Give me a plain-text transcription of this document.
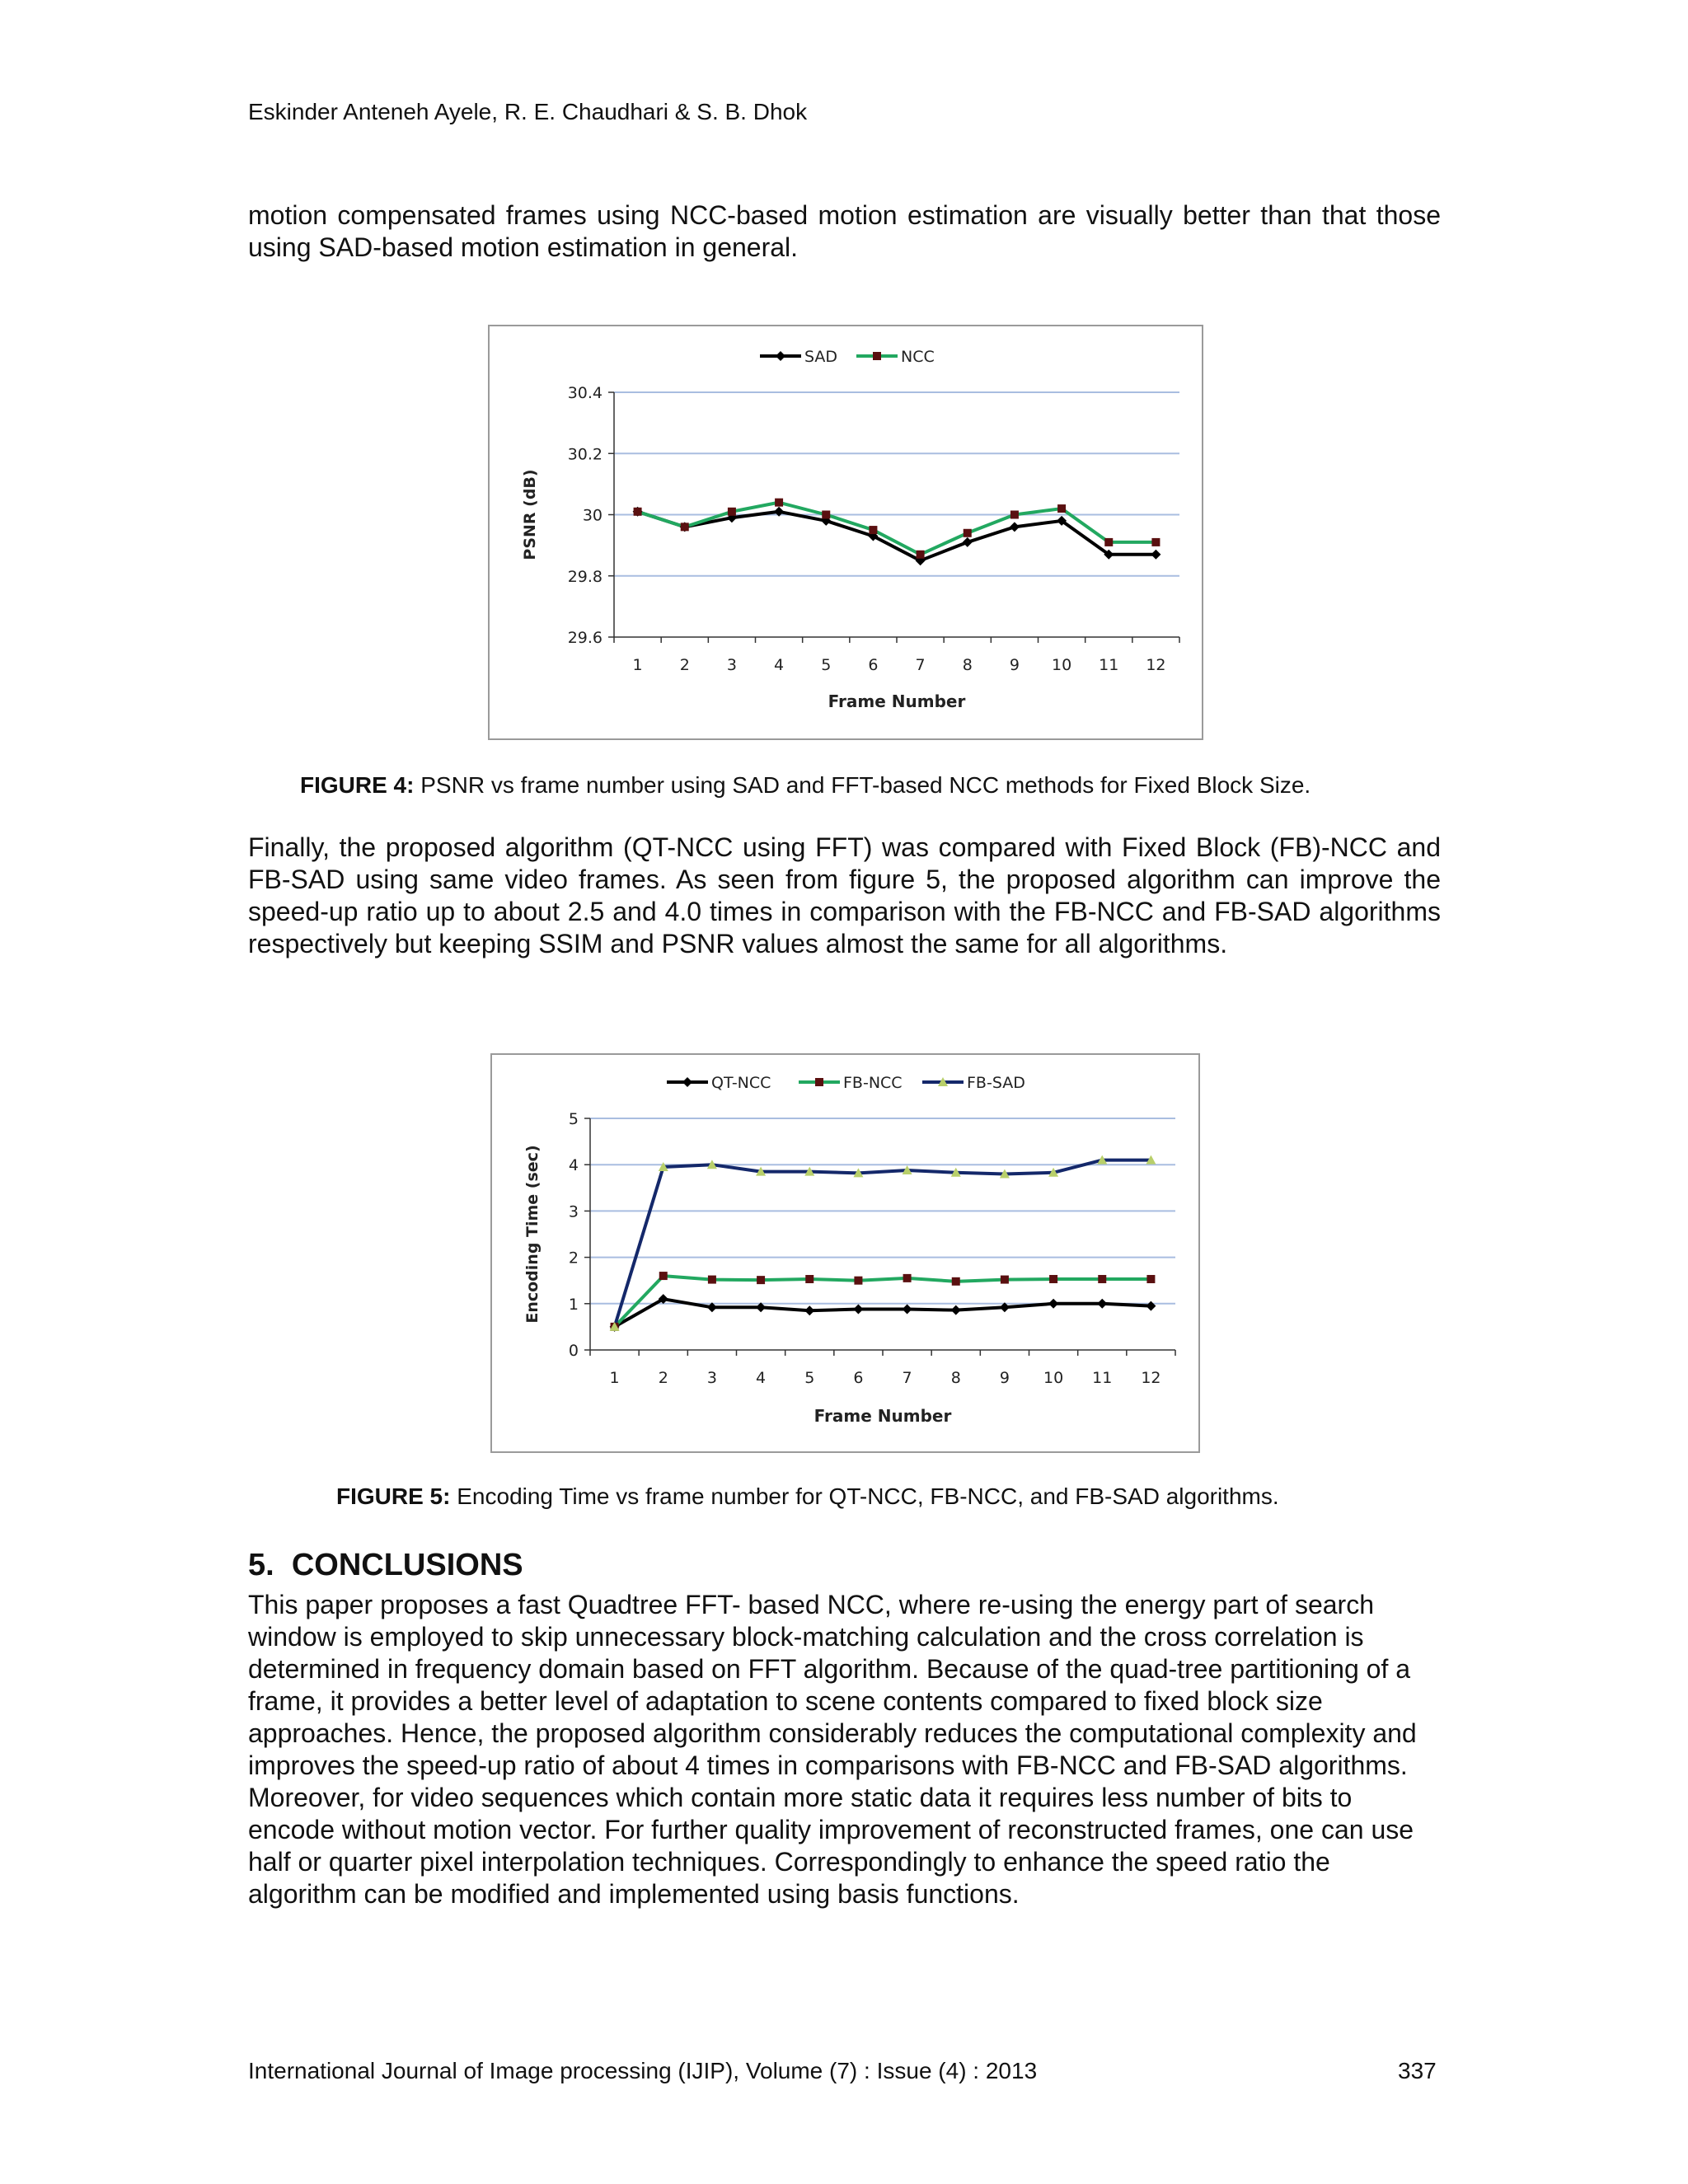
Eskinder Anteneh Ayele, R. E. Chaudhari & S. B. Dhok
motion compensated frames using NCC-based motion estimation are visually better than that those using SAD-based motion estimation in general.
29.6
29.8
30
30.2
30.4
1 2 3 4 5 6 7 8 9 10 11 12
Frame Number
PSNR (dB)
SAD	NCC
FIGURE 4: PSNR vs frame number using SAD and FFT-based NCC methods for Fixed Block Size.
Finally, the proposed algorithm (QT-NCC using FFT) was compared with Fixed Block (FB)-NCC and FB-SAD using same video frames. As seen from figure 5, the proposed algorithm can improve the speed-up ratio up to about 2.5 and 4.0 times in comparison with the FB-NCC and FB-SAD algorithms respectively but keeping SSIM and PSNR values almost the same for all algorithms.
0
1
2
3
4
5
1 2 3 4 5 6 7 8 9 10 11 12
Frame Number
Encoding Time (sec)
QT-NCC	FB-NCC	FB-SAD
FIGURE 5: Encoding Time vs frame number for QT-NCC, FB-NCC, and FB-SAD algorithms.
5. CONCLUSIONS
This paper proposes a fast Quadtree FFT- based NCC, where re-using the energy part of search window is employed to skip unnecessary block-matching calculation and the cross correlation is determined in frequency domain based on FFT algorithm. Because of the quad-tree partitioning of a frame, it provides a better level of adaptation to scene contents compared to fixed block size approaches. Hence, the proposed algorithm considerably reduces the computational complexity and improves the speed-up ratio of about 4 times in comparisons with FB-NCC and FB-SAD algorithms. Moreover, for video sequences which contain more static data it requires less number of bits to encode without motion vector. For further quality improvement of reconstructed frames, one can use half or quarter pixel interpolation techniques. Correspondingly to enhance the speed ratio the algorithm can be modified and implemented using basis functions.
International Journal of Image processing (IJIP), Volume (7) : Issue (4) : 2013	337
